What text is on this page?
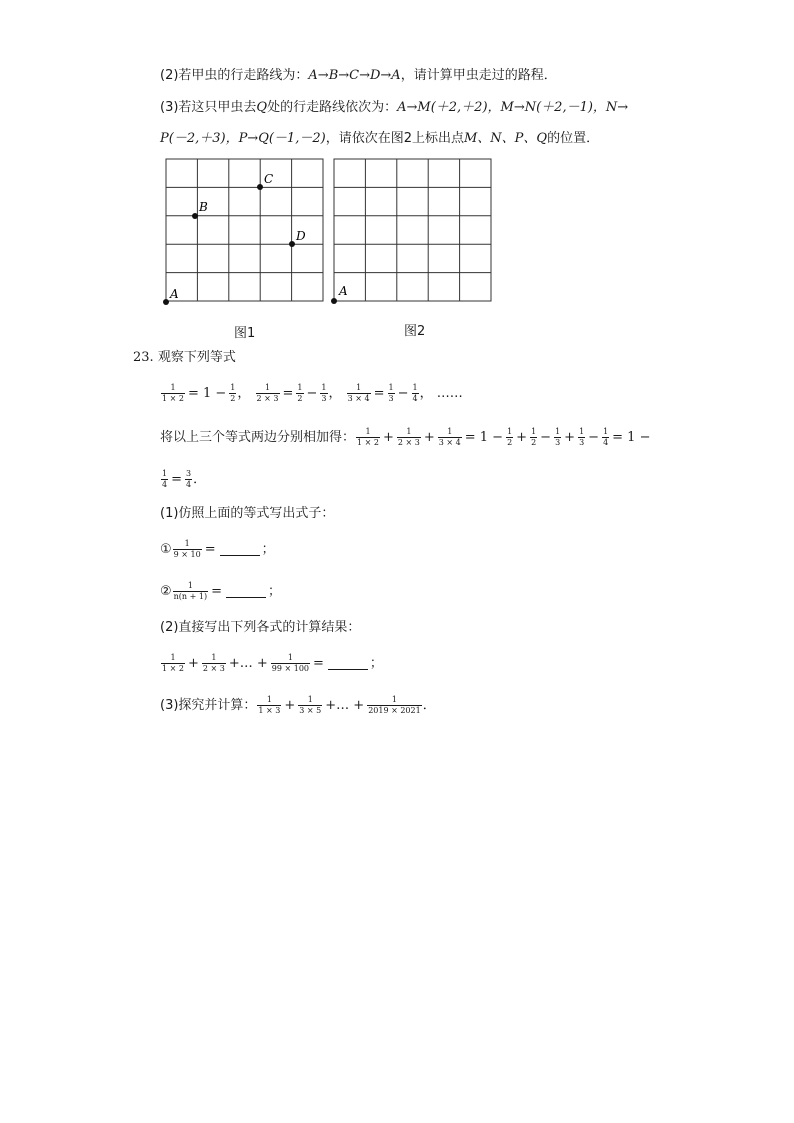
(2)若甲虫的行走路线为：A→B→C→D→A，请计算甲虫走过的路程．
(3)若这只甲虫去Q处的行走路线依次为：A→M(＋2,＋2)，M→N(＋2,－1)，N→
P(－2,＋3)，P→Q(－1,－2)，请依次在图2上标出点M、N、P、Q的位置．
A
B
C
D
图1
A
图2
23. 观察下列等式
$\frac{1}{1 \times 2} = 1 - \frac{1}{2}$ ， $\frac{1}{2 \times 3} = \frac{1}{2} - \frac{1}{3}$ ， $\frac{1}{3 \times 4} = \frac{1}{3} - \frac{1}{4}$ ， ……
将以上三个等式两边分别相加得： $\frac{1}{1 \times 2} + \frac{1}{2 \times 3} + \frac{1}{3 \times 4} = 1 - \frac{1}{2} + \frac{1}{2} - \frac{1}{3} + \frac{1}{3} - \frac{1}{4} = 1$ −
$\frac{1}{4} = \frac{3}{4}$ ．
(1)仿照上面的等式写出式子：
① $\frac{1}{9 \times 10}$ =	；
② $\frac{1}{n(n + 1)}$ =	；
(2)直接写出下列各式的计算结果：
$\frac{1}{1 \times 2} + \frac{1}{2 \times 3}$ +… + $\frac{1}{99 \times 100}$ =	；
(3)探究并计算： $\frac{1}{1 \times 3} + \frac{1}{3 \times 5}$ +… + $\frac{1}{2019 \times 2021}$ ．
